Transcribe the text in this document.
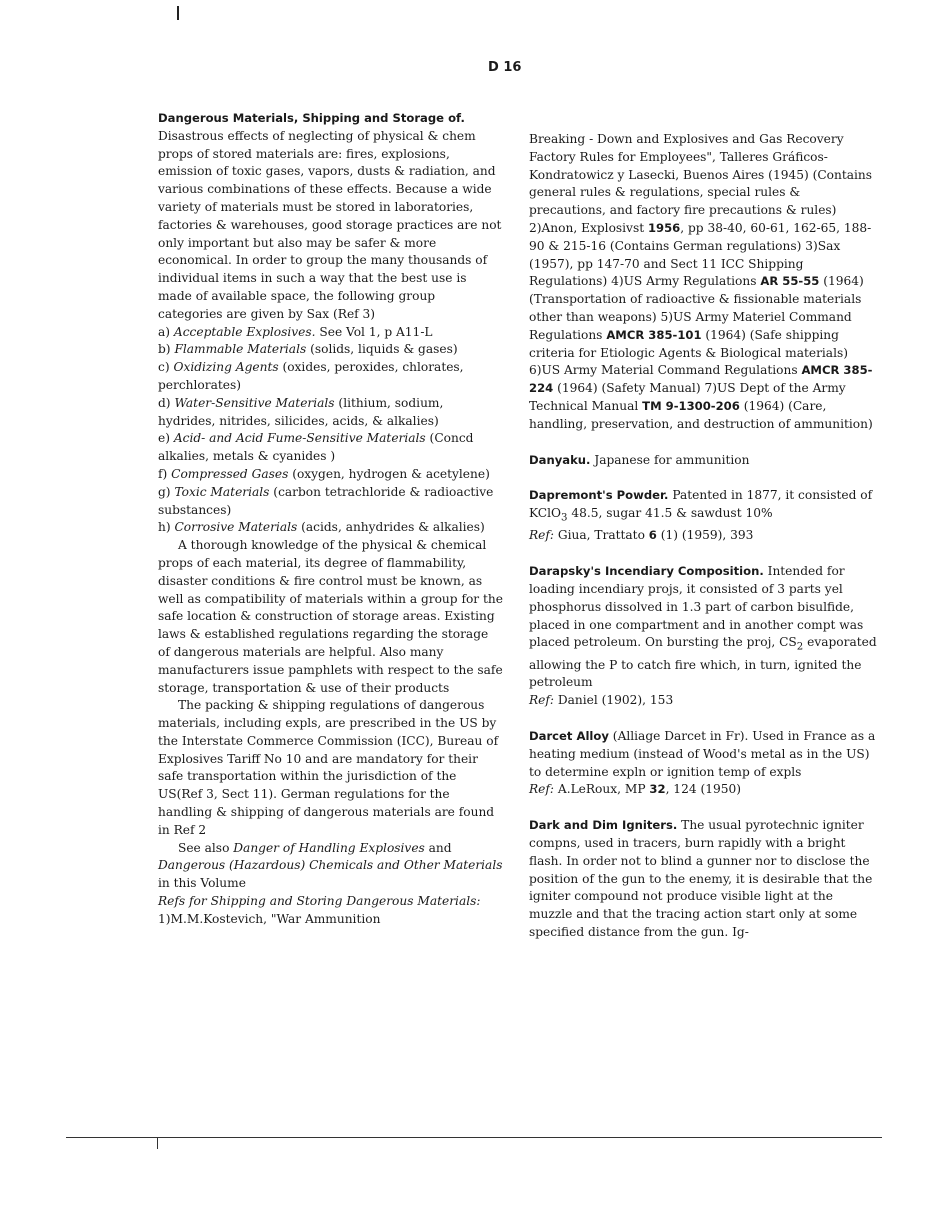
D 16

Dangerous Materials, Shipping and Storage of.
Disastrous effects of neglecting of physical & chem props of stored materials are: fires, explosions, emission of toxic gases, vapors, dusts & radiation, and various combinations of these effects. Because a wide variety of materials must be stored in laboratories, factories & warehouses, good storage practices are not only important but also may be safer & more economical. In order to group the many thousands of individual items in such a way that the best use is made of available space, the following group categories are given by Sax (Ref 3)

a) Acceptable Explosives. See Vol 1, p A11-L

b) Flammable Materials (solids, liquids & gases)

c) Oxidizing Agents (oxides, peroxides, chlorates, perchlorates)

d) Water-Sensitive Materials (lithium, sodium, hydrides, nitrides, silicides, acids, & alkalies)

e) Acid- and Acid Fume-Sensitive Materials (Concd alkalies, metals & cyanides )

f) Compressed Gases (oxygen, hydrogen & acetylene)

g) Toxic Materials (carbon tetrachloride & radioactive substances)

h) Corrosive Materials (acids, anhydrides & alkalies)

A thorough knowledge of the physical & chemical props of each material, its degree of flammability, disaster conditions & fire control must be known, as well as compatibility of materials within a group for the safe location & construction of storage areas. Existing laws & established regulations regarding the storage of dangerous materials are helpful. Also many manufacturers issue pamphlets with respect to the safe storage, transportation & use of their products

The packing & shipping regulations of dangerous materials, including expls, are prescribed in the US by the Interstate Commerce Commission (ICC), Bureau of Explosives Tariff No 10 and are mandatory for their safe transportation within the jurisdiction of the US(Ref 3, Sect 11). German regulations for the handling & shipping of dangerous materials are found in Ref 2

See also Danger of Handling Explosives and Dangerous (Hazardous) Chemicals and Other Materials in this Volume

Refs for Shipping and Storing Dangerous Materials: 1)M.M.Kostevich, "War Ammunition

Breaking - Down and Explosives and Gas Recovery Factory Rules for Employees", Talleres Gráficos-Kondratowicz y Lasecki, Buenos Aires (1945) (Contains general rules & regulations, special rules & precautions, and factory fire precautions & rules) 2)Anon, Explosivst 1956, pp 38-40, 60-61, 162-65, 188-90 & 215-16 (Contains German regulations) 3)Sax (1957), pp 147-70 and Sect 11 ICC Shipping Regulations) 4)US Army Regulations AR 55-55 (1964) (Transportation of radioactive & fissionable materials other than weapons) 5)US Army Materiel Command Regulations AMCR 385-101 (1964) (Safe shipping criteria for Etiologic Agents & Biological materials) 6)US Army Material Command Regulations AMCR 385-224 (1964) (Safety Manual) 7)US Dept of the Army Technical Manual TM 9-1300-206 (1964) (Care, handling, preservation, and destruction of ammunition)

Danyaku. Japanese for ammunition

Dapremont's Powder. Patented in 1877, it consisted of KClO$_3$ 48.5, sugar 41.5 & sawdust 10%

Ref: Giua, Trattato 6 (1) (1959), 393

Darapsky's Incendiary Composition. Intended for loading incendiary projs, it consisted of 3 parts yel phosphorus dissolved in 1.3 part of carbon bisulfide, placed in one compartment and in another compt was placed petroleum. On bursting the proj, $CS_2$ evaporated allowing the P to catch fire which, in turn, ignited the petroleum

Ref: Daniel (1902), 153

Darcet Alloy (Alliage Darcet in Fr). Used in France as a heating medium (instead of Wood's metal as in the US) to determine expln or ignition temp of expls

Ref: A.LeRoux, MP 32, 124 (1950)

Dark and Dim Igniters. The usual pyrotechnic igniter compns, used in tracers, burn rapidly with a bright flash. In order not to blind a gunner nor to disclose the position of the gun to the enemy, it is desirable that the igniter compound not produce visible light at the muzzle and that the tracing action start only at some specified distance from the gun. Ig-
